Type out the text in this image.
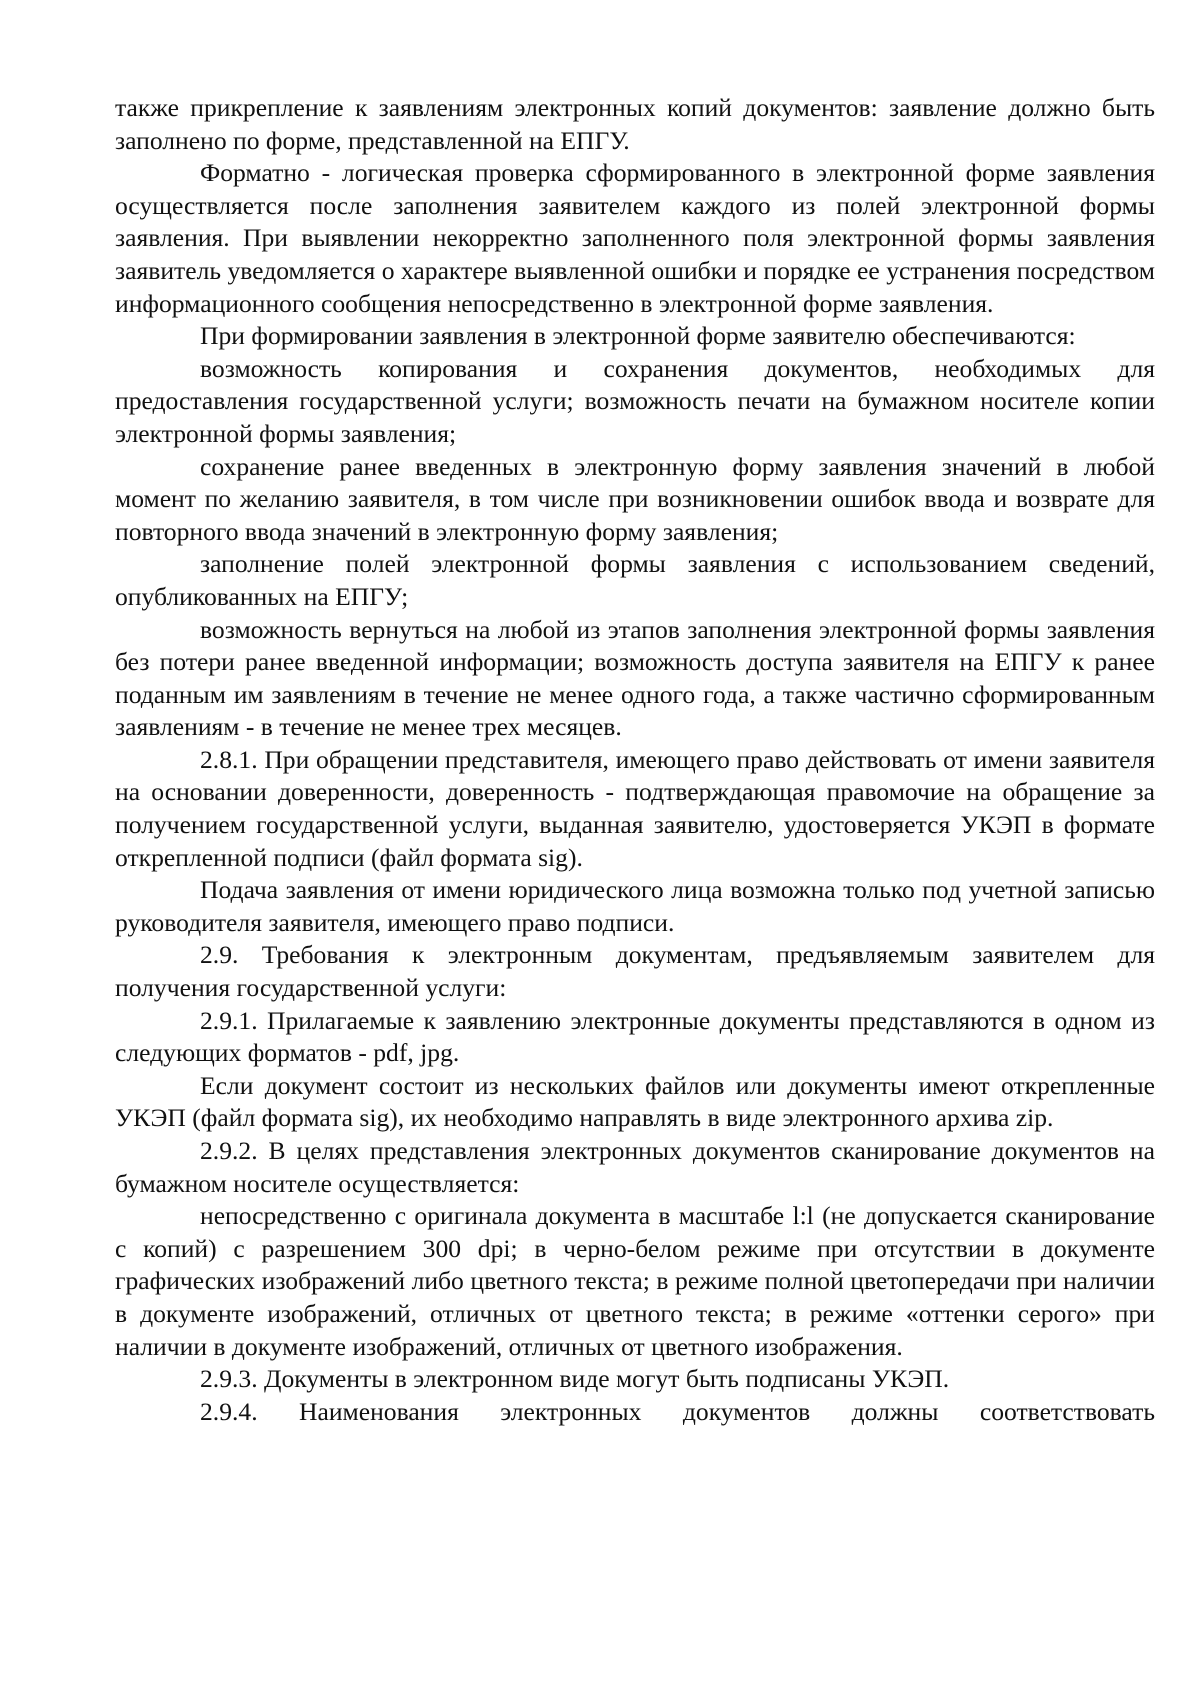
также прикрепление к заявлениям электронных копий документов: заявление должно быть заполнено по форме, представленной на ЕПГУ.

Форматно - логическая проверка сформированного в электронной форме заявления осуществляется после заполнения заявителем каждого из полей электронной формы заявления. При выявлении некорректно заполненного поля электронной формы заявления заявитель уведомляется о характере выявленной ошибки и порядке ее устранения посредством информационного сообщения непосредственно в электронной форме заявления.

При формировании заявления в электронной форме заявителю обеспечиваются:

возможность копирования и сохранения документов, необходимых для предоставления государственной услуги; возможность печати на бумажном носителе копии электронной формы заявления;

сохранение ранее введенных в электронную форму заявления значений в любой момент по желанию заявителя, в том числе при возникновении ошибок ввода и возврате для повторного ввода значений в электронную форму заявления;

заполнение полей электронной формы заявления с использованием сведений, опубликованных на ЕПГУ;

возможность вернуться на любой из этапов заполнения электронной формы заявления без потери ранее введенной информации; возможность доступа заявителя на ЕПГУ к ранее поданным им заявлениям в течение не менее одного года, а также частично сформированным заявлениям - в течение не менее трех месяцев.

2.8.1. При обращении представителя, имеющего право действовать от имени заявителя на основании доверенности, доверенность - подтверждающая правомочие на обращение за получением государственной услуги, выданная заявителю, удостоверяется УКЭП в формате открепленной подписи (файл формата sig).

Подача заявления от имени юридического лица возможна только под учетной записью руководителя заявителя, имеющего право подписи.

2.9. Требования к электронным документам, предъявляемым заявителем для получения государственной услуги:

2.9.1. Прилагаемые к заявлению электронные документы представляются в одном из следующих форматов - pdf, jpg.

Если документ состоит из нескольких файлов или документы имеют открепленные УКЭП (файл формата sig), их необходимо направлять в виде электронного архива zip.

2.9.2. В целях представления электронных документов сканирование документов на бумажном носителе осуществляется:

непосредственно с оригинала документа в масштабе l:l (не допускается сканирование с копий) с разрешением 300 dpi; в черно-белом режиме при отсутствии в документе графических изображений либо цветного текста; в режиме полной цветопередачи при наличии в документе изображений, отличных от цветного текста; в режиме «оттенки серого» при наличии в документе изображений, отличных от цветного изображения.

2.9.3. Документы в электронном виде могут быть подписаны УКЭП.

2.9.4. Наименования электронных документов должны соответствовать
